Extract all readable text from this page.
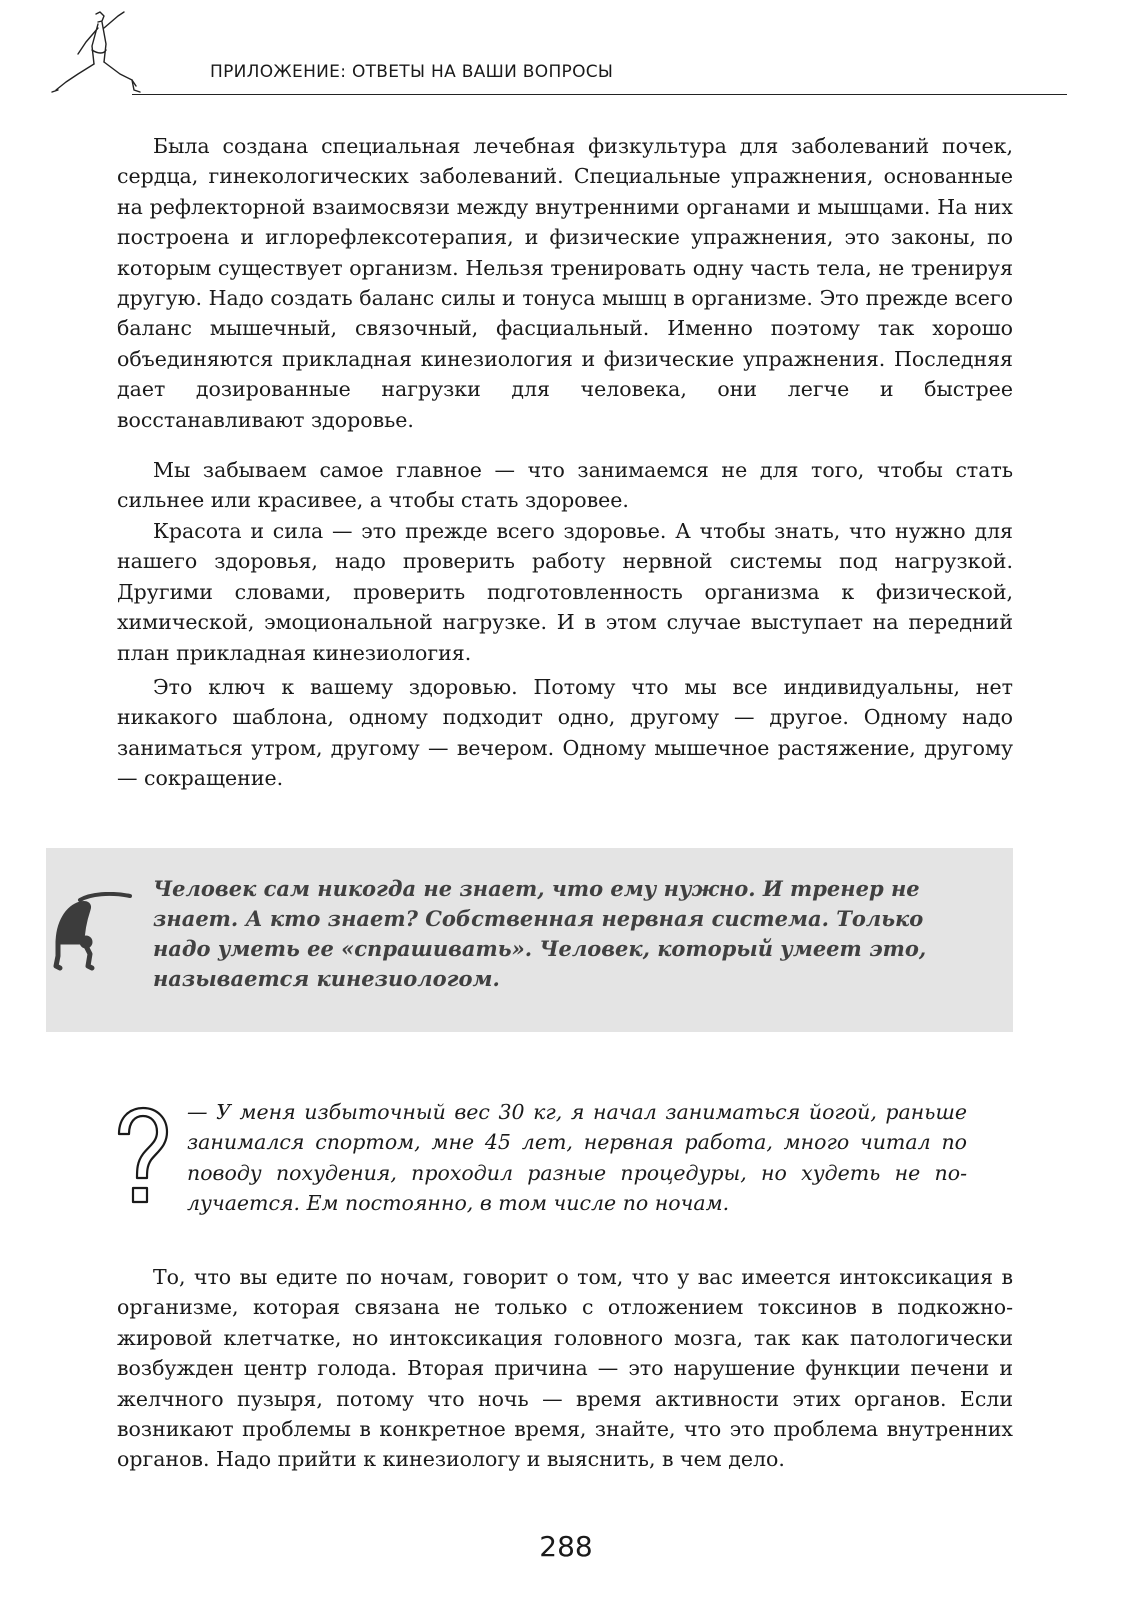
ПРИЛОЖЕНИЕ: ОТВЕТЫ НА ВАШИ ВОПРОСЫ

Была создана специальная лечебная физкультура для заболеваний почек, сердца, гинекологических заболеваний. Специальные упражнения, основанные на рефлекторной взаимосвязи между внутренними органами и мышцами. На них построена и иглорефлексотерапия, и физические упражнения, это законы, по которым существует организм. Нельзя тренировать одну часть тела, не тренируя другую. Надо создать баланс силы и тонуса мышц в организме. Это прежде всего баланс мышечный, связочный, фасциальный. Именно поэтому так хорошо объединяются прикладная кинезиология и физические упражнения. Последняя дает дозированные нагрузки для человека, они легче и быстрее восстанавливают здоровье.

Мы забываем самое главное — что занимаемся не для того, чтобы стать сильнее или красивее, а чтобы стать здоровее.

Красота и сила — это прежде всего здоровье. А чтобы знать, что нужно для нашего здоровья, надо проверить работу нервной системы под нагрузкой. Другими словами, проверить подготовленность организма к физической, химической, эмоциональной нагрузке. И в этом случае выступает на передний план прикладная кинезиология.

Это ключ к вашему здоровью. Потому что мы все индивидуальны, нет никакого шаблона, одному подходит одно, другому — другое. Одному надо заниматься утром, другому — вечером. Одному мышечное растяжение, другому — сокращение.

Человек сам никогда не знает, что ему нужно. И тренер не знает. А кто знает? Собственная нервная система. Только надо уметь ее «спрашивать». Человек, который умеет это, называется кинезиологом.

— У меня избыточный вес 30 кг, я начал заниматься йогой, раньше занимался спортом, мне 45 лет, нервная работа, много читал по поводу похудения, проходил разные процедуры, но худеть не получается. Ем постоянно, в том числе по ночам.

То, что вы едите по ночам, говорит о том, что у вас имеется интоксикация в организме, которая связана не только с отложением токсинов в подкожно-жировой клетчатке, но интоксикация головного мозга, так как патологически возбужден центр голода. Вторая причина — это нарушение функции печени и желчного пузыря, потому что ночь — время активности этих органов. Если возникают проблемы в конкретное время, знайте, что это проблема внутренних органов. Надо прийти к кинезиологу и выяснить, в чем дело.

288
